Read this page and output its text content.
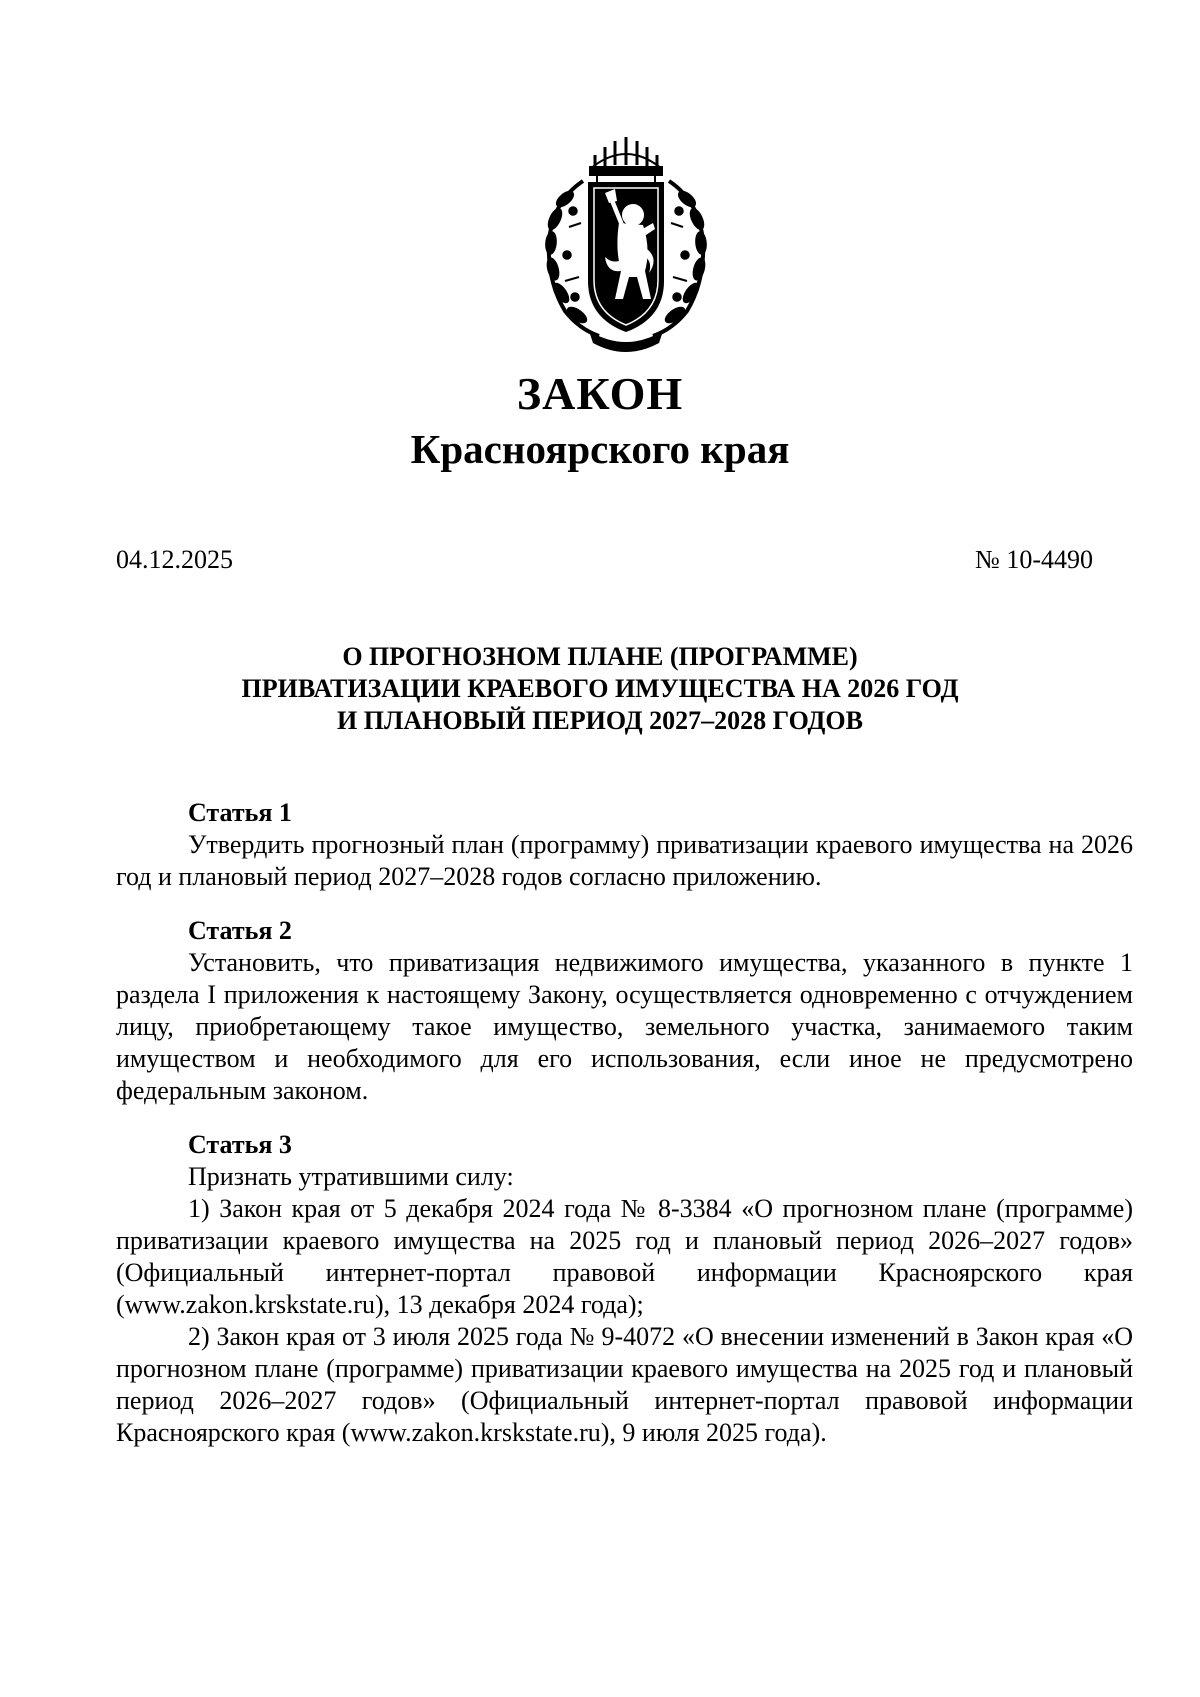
ЗАКОН
Красноярского края
04.12.2025	№ 10-4490
О ПРОГНОЗНОМ ПЛАНЕ (ПРОГРАММЕ)
ПРИВАТИЗАЦИИ КРАЕВОГО ИМУЩЕСТВА НА 2026 ГОД
И ПЛАНОВЫЙ ПЕРИОД 2027–2028 ГОДОВ
Статья 1

Утвердить прогнозный план (программу) приватизации краевого имущества на 2026 год и плановый период 2027–2028 годов согласно приложению.

Статья 2

Установить, что приватизация недвижимого имущества, указанного в пункте 1 раздела I приложения к настоящему Закону, осуществляется одновременно с отчуждением лицу, приобретающему такое имущество, земельного участка, занимаемого таким имуществом и необходимого для его использования, если иное не предусмотрено федеральным законом.

Статья 3

Признать утратившими силу:

1) Закон края от 5 декабря 2024 года № 8-3384 «О прогнозном плане (программе) приватизации краевого имущества на 2025 год и плановый период 2026–2027 годов» (Официальный интернет-портал правовой информации Красноярского края (www.zakon.krskstate.ru), 13 декабря 2024 года);

2) Закон края от 3 июля 2025 года № 9-4072 «О внесении изменений в Закон края «О прогнозном плане (программе) приватизации краевого имущества на 2025 год и плановый период 2026–2027 годов» (Официальный интернет-портал правовой информации Красноярского края (www.zakon.krskstate.ru), 9 июля 2025 года).
